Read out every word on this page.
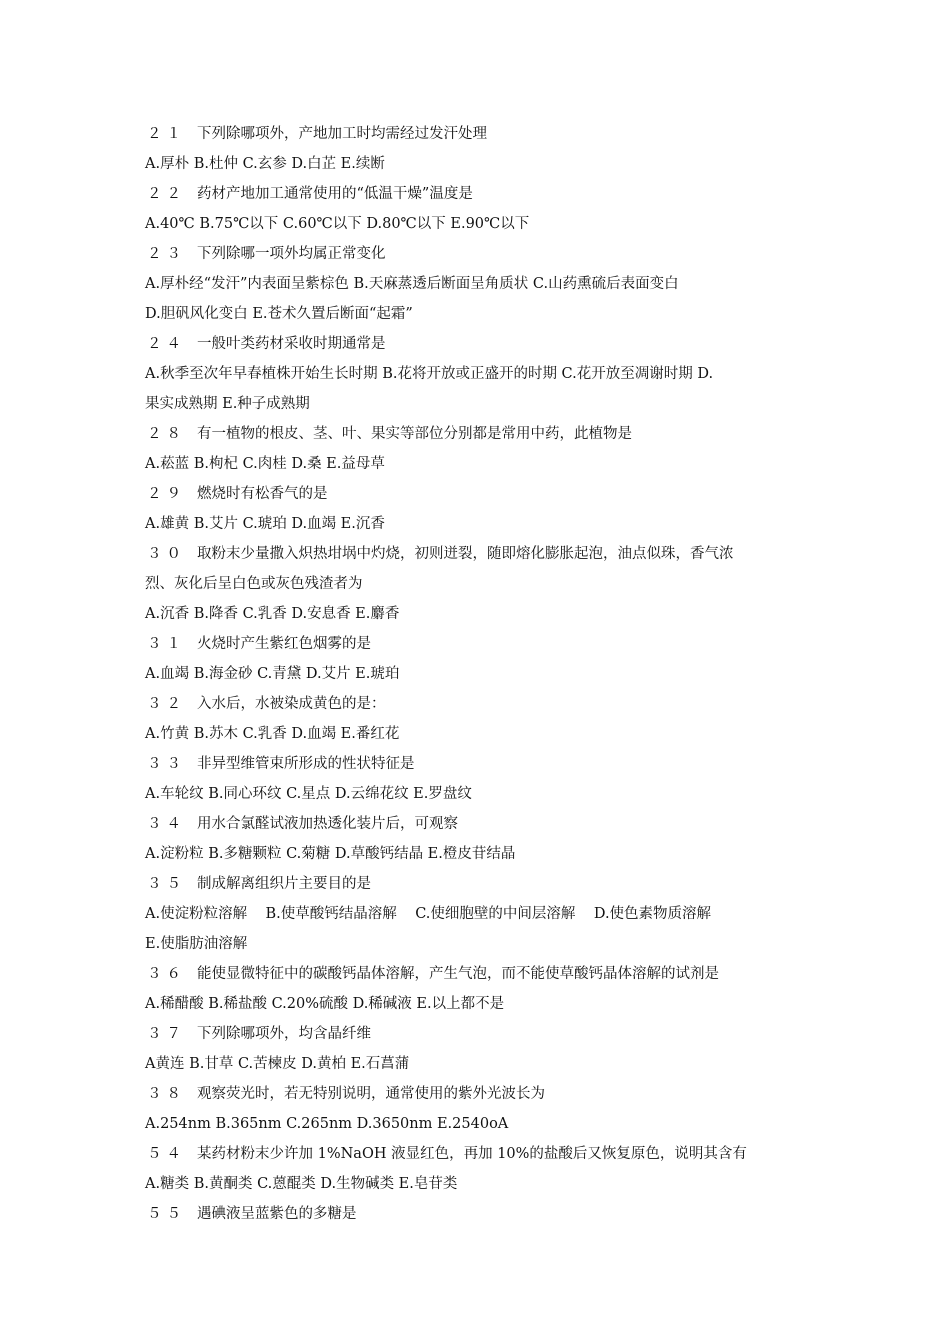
２１ 下列除哪项外，产地加工时均需经过发汗处理
A.厚朴 B.杜仲 C.玄参 D.白芷 E.续断
２２ 药材产地加工通常使用的“低温干燥”温度是
A.40℃ B.75℃以下 C.60℃以下 D.80℃以下 E.90℃以下
２３ 下列除哪一项外均属正常变化
A.厚朴经“发汗”内表面呈紫棕色 B.天麻蒸透后断面呈角质状 C.山药熏硫后表面变白
D.胆矾风化变白 E.苍术久置后断面“起霜”
２４ 一般叶类药材采收时期通常是
A.秋季至次年早春植株开始生长时期 B.花将开放或正盛开的时期 C.花开放至凋谢时期 D.
果实成熟期 E.种子成熟期
２８ 有一植物的根皮、茎、叶、果实等部位分别都是常用中药，此植物是
A.菘蓝 B.枸杞 C.肉桂 D.桑 E.益母草
２９ 燃烧时有松香气的是
A.雄黄 B.艾片 C.琥珀 D.血竭 E.沉香
３０ 取粉末少量撒入炽热坩埚中灼烧，初则迸裂，随即熔化膨胀起泡，油点似珠，香气浓
烈、灰化后呈白色或灰色残渣者为
A.沉香 B.降香 C.乳香 D.安息香 E.麝香
３１ 火烧时产生紫红色烟雾的是
A.血竭 B.海金砂 C.青黛 D.艾片 E.琥珀
３２ 入水后，水被染成黄色的是：
A.竹黄 B.苏木 C.乳香 D.血竭 E.番红花
３３ 非异型维管束所形成的性状特征是
A.车轮纹 B.同心环纹 C.星点 D.云绵花纹 E.罗盘纹
３４ 用水合氯醛试液加热透化装片后，可观察
A.淀粉粒 B.多糖颗粒 C.菊糖 D.草酸钙结晶 E.橙皮苷结晶
３５ 制成解离组织片主要目的是
A.使淀粉粒溶解    B.使草酸钙结晶溶解    C.使细胞壁的中间层溶解    D.使色素物质溶解
E.使脂肪油溶解
３６ 能使显微特征中的碳酸钙晶体溶解，产生气泡，而不能使草酸钙晶体溶解的试剂是
A.稀醋酸 B.稀盐酸 C.20%硫酸 D.稀碱液 E.以上都不是
３７ 下列除哪项外，均含晶纤维
A黄连 B.甘草 C.苦楝皮 D.黄柏 E.石菖蒲
３８ 观察荧光时，若无特别说明，通常使用的紫外光波长为
A.254nm B.365nm C.265nm D.3650nm E.2540oA
５４ 某药材粉末少许加 1%NaOH 液显红色，再加 10%的盐酸后又恢复原色，说明其含有
A.糖类 B.黄酮类 C.蒽醌类 D.生物碱类 E.皂苷类
５５ 遇碘液呈蓝紫色的多糖是
